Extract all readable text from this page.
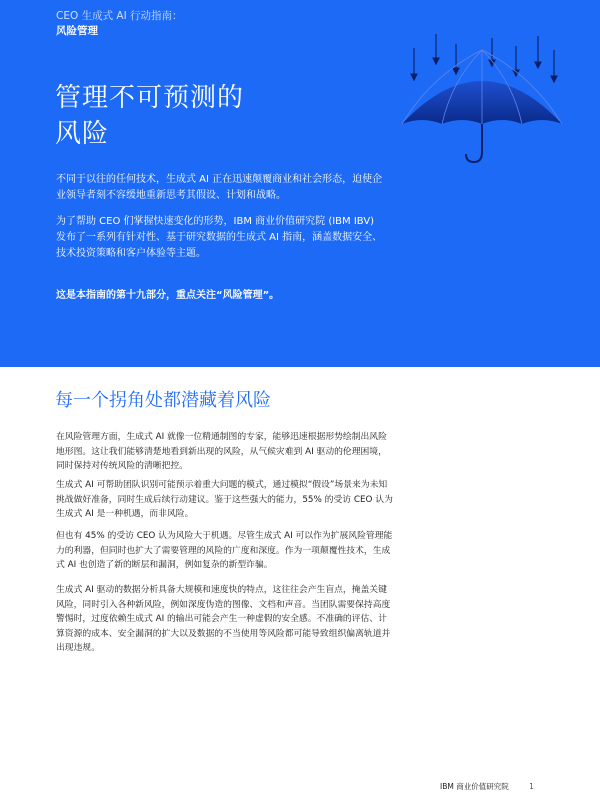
CEO 生成式 AI 行动指南：
风险管理
管理不可预测的
风险

不同于以往的任何技术，生成式 AI 正在迅速颠覆商业和社会形态，迫使企业领导者刻不容缓地重新思考其假设、计划和战略。

为了帮助 CEO 们掌握快速变化的形势，IBM 商业价值研究院 (IBM IBV) 发布了一系列有针对性、基于研究数据的生成式 AI 指南，涵盖数据安全、技术投资策略和客户体验等主题。

这是本指南的第十九部分，重点关注“风险管理”。

每一个拐角处都潜藏着风险

在风险管理方面，生成式 AI 就像一位精通制图的专家，能够迅速根据形势绘制出风险地形图。这让我们能够清楚地看到新出现的风险，从气候灾难到 AI 驱动的伦理困境，同时保持对传统风险的清晰把控。

生成式 AI 可帮助团队识别可能预示着重大问题的模式，通过模拟“假设”场景来为未知挑战做好准备，同时生成后续行动建议。鉴于这些强大的能力，55% 的受访 CEO 认为生成式 AI 是一种机遇，而非风险。

但也有 45% 的受访 CEO 认为风险大于机遇。尽管生成式 AI 可以作为扩展风险管理能力的利器，但同时也扩大了需要管理的风险的广度和深度。作为一项颠覆性技术，生成式 AI 也创造了新的断层和漏洞，例如复杂的新型诈骗。

生成式 AI 驱动的数据分析具备大规模和速度快的特点，这往往会产生盲点，掩盖关键风险，同时引入各种新风险，例如深度伪造的图像、文档和声音。当团队需要保持高度警惕时，过度依赖生成式 AI 的输出可能会产生一种虚假的安全感。不准确的评估、计算资源的成本、安全漏洞的扩大以及数据的不当使用等风险都可能导致组织偏离轨道并出现违规。

IBM 商业价值研究院	1
